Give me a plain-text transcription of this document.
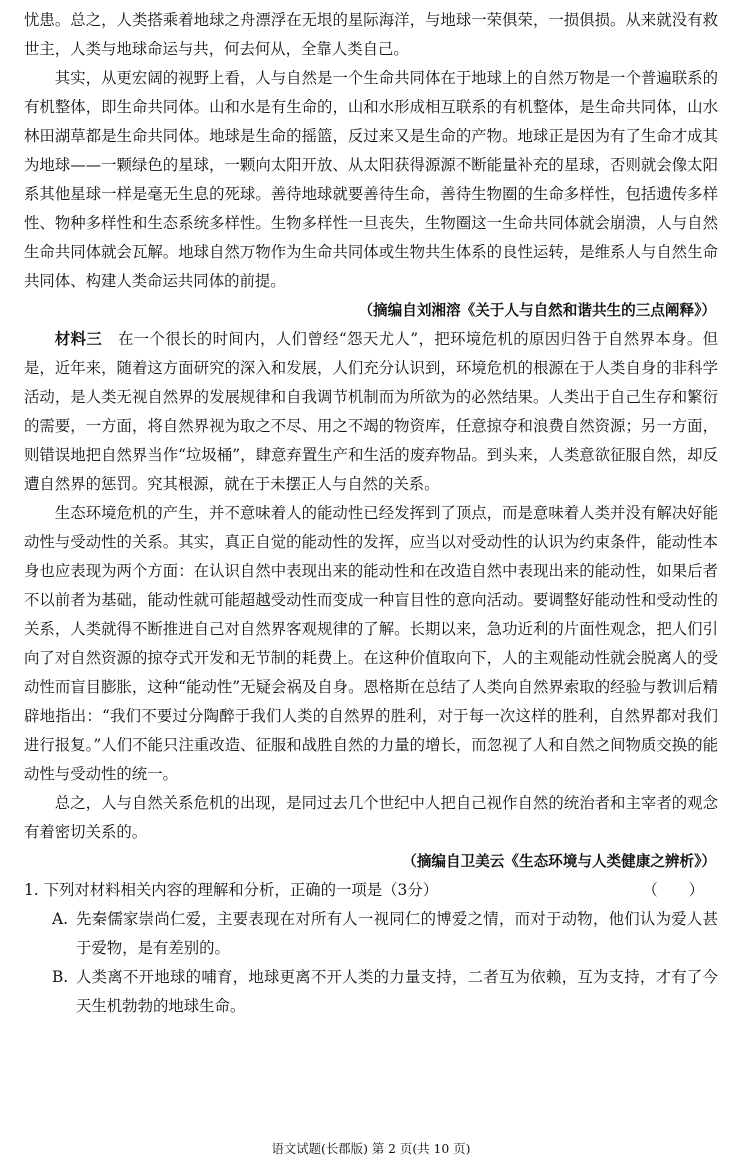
忧患。总之，人类搭乘着地球之舟漂浮在无垠的星际海洋，与地球一荣俱荣，一损俱损。从来就没有救世主，人类与地球命运与共，何去何从，全靠人类自己。

其实，从更宏阔的视野上看，人与自然是一个生命共同体在于地球上的自然万物是一个普遍联系的有机整体，即生命共同体。山和水是有生命的，山和水形成相互联系的有机整体，是生命共同体，山水林田湖草都是生命共同体。地球是生命的摇篮，反过来又是生命的产物。地球正是因为有了生命才成其为地球——一颗绿色的星球，一颗向太阳开放、从太阳获得源源不断能量补充的星球，否则就会像太阳系其他星球一样是毫无生息的死球。善待地球就要善待生命，善待生物圈的生命多样性，包括遗传多样性、物种多样性和生态系统多样性。生物多样性一旦丧失，生物圈这一生命共同体就会崩溃，人与自然生命共同体就会瓦解。地球自然万物作为生命共同体或生物共生体系的良性运转，是维系人与自然生命共同体、构建人类命运共同体的前提。

（摘编自刘湘溶《关于人与自然和谐共生的三点阐释》）

材料三　 在一个很长的时间内，人们曾经“怨天尤人”，把环境危机的原因归咎于自然界本身。但是，近年来，随着这方面研究的深入和发展，人们充分认识到，环境危机的根源在于人类自身的非科学活动，是人类无视自然界的发展规律和自我调节机制而为所欲为的必然结果。人类出于自己生存和繁衍的需要，一方面，将自然界视为取之不尽、用之不竭的物资库，任意掠夺和浪费自然资源；另一方面，则错误地把自然界当作“垃圾桶”，肆意弃置生产和生活的废弃物品。到头来，人类意欲征服自然，却反遭自然界的惩罚。究其根源，就在于未摆正人与自然的关系。

生态环境危机的产生，并不意味着人的能动性已经发挥到了顶点，而是意味着人类并没有解决好能动性与受动性的关系。其实，真正自觉的能动性的发挥，应当以对受动性的认识为约束条件，能动性本身也应表现为两个方面：在认识自然中表现出来的能动性和在改造自然中表现出来的能动性，如果后者不以前者为基础，能动性就可能超越受动性而变成一种盲目性的意向活动。要调整好能动性和受动性的关系，人类就得不断推进自己对自然界客观规律的了解。长期以来，急功近利的片面性观念，把人们引向了对自然资源的掠夺式开发和无节制的耗费上。在这种价值取向下，人的主观能动性就会脱离人的受动性而盲目膨胀，这种“能动性”无疑会祸及自身。恩格斯在总结了人类向自然界索取的经验与教训后精辟地指出：“我们不要过分陶醉于我们人类的自然界的胜利，对于每一次这样的胜利，自然界都对我们进行报复。”人们不能只注重改造、征服和战胜自然的力量的增长，而忽视了人和自然之间物质交换的能动性与受动性的统一。

总之，人与自然关系危机的出现，是同过去几个世纪中人把自己视作自然的统治者和主宰者的观念有着密切关系的。

（摘编自卫美云《生态环境与人类健康之辨析》）

1. 下列对材料相关内容的理解和分析，正确的一项是（3分）	（　　）

A. 先秦儒家崇尚仁爱，主要表现在对所有人一视同仁的博爱之情，而对于动物，他们认为爱人甚于爱物，是有差别的。

B. 人类离不开地球的哺育，地球更离不开人类的力量支持，二者互为依赖，互为支持，才有了今天生机勃勃的地球生命。

语文试题(长郡版) 第 2 页(共 10 页)
